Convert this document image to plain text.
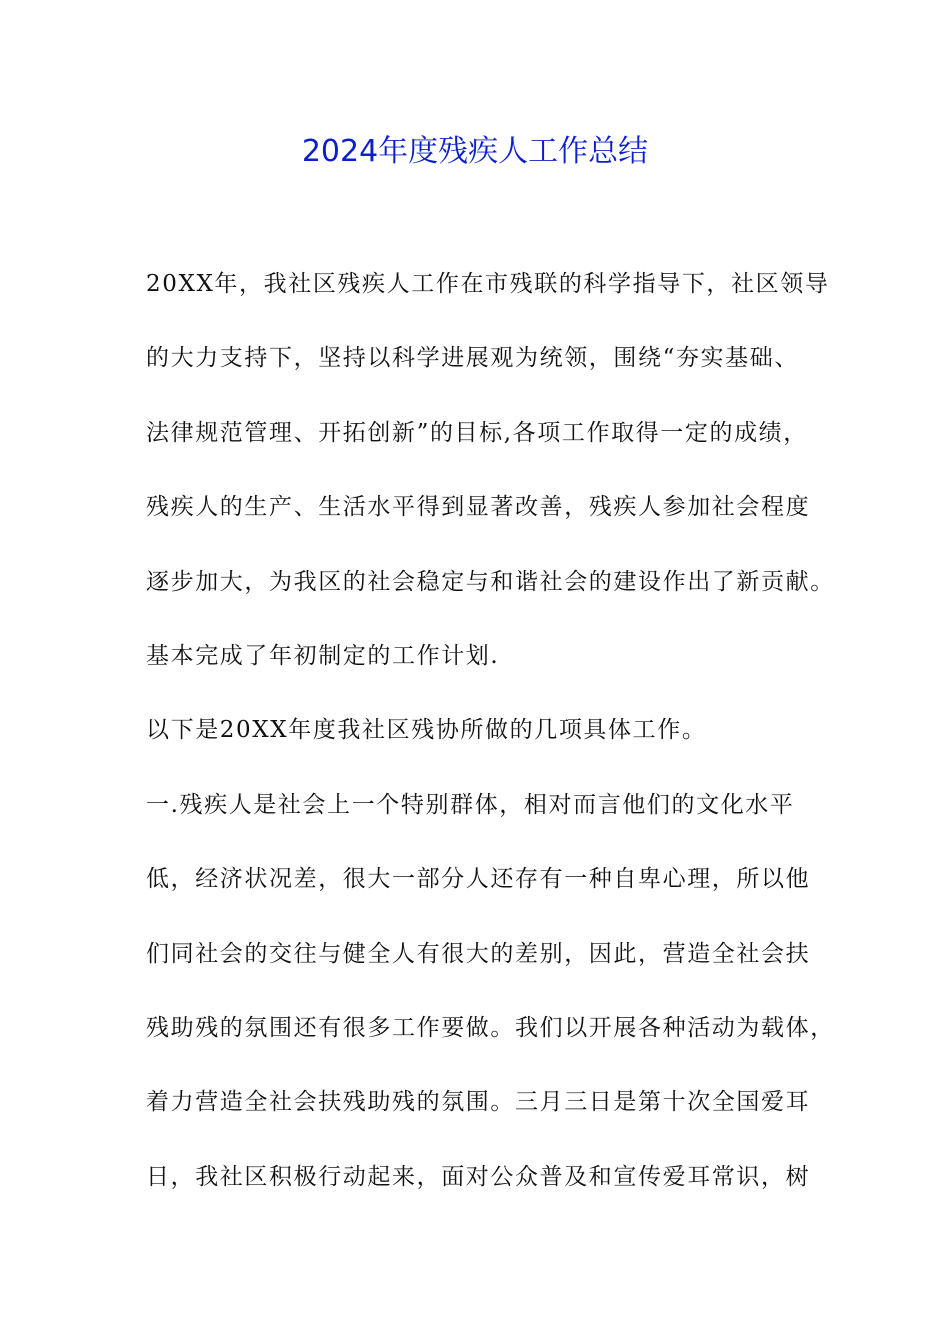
2024年度残疾人工作总结
20XX年，我社区残疾人工作在市残联的科学指导下，社区领导
的大力支持下，坚持以科学进展观为统领，围绕“夯实基础、
法律规范管理、开拓创新”的目标,各项工作取得一定的成绩，
残疾人的生产、生活水平得到显著改善，残疾人参加社会程度
逐步加大，为我区的社会稳定与和谐社会的建设作出了新贡献。
基本完成了年初制定的工作计划.
以下是20XX年度我社区残协所做的几项具体工作。
一.残疾人是社会上一个特别群体，相对而言他们的文化水平
低，经济状况差，很大一部分人还存有一种自卑心理，所以他
们同社会的交往与健全人有很大的差别，因此，营造全社会扶
残助残的氛围还有很多工作要做。我们以开展各种活动为载体，
着力营造全社会扶残助残的氛围。三月三日是第十次全国爱耳
日，我社区积极行动起来，面对公众普及和宣传爱耳常识，树
